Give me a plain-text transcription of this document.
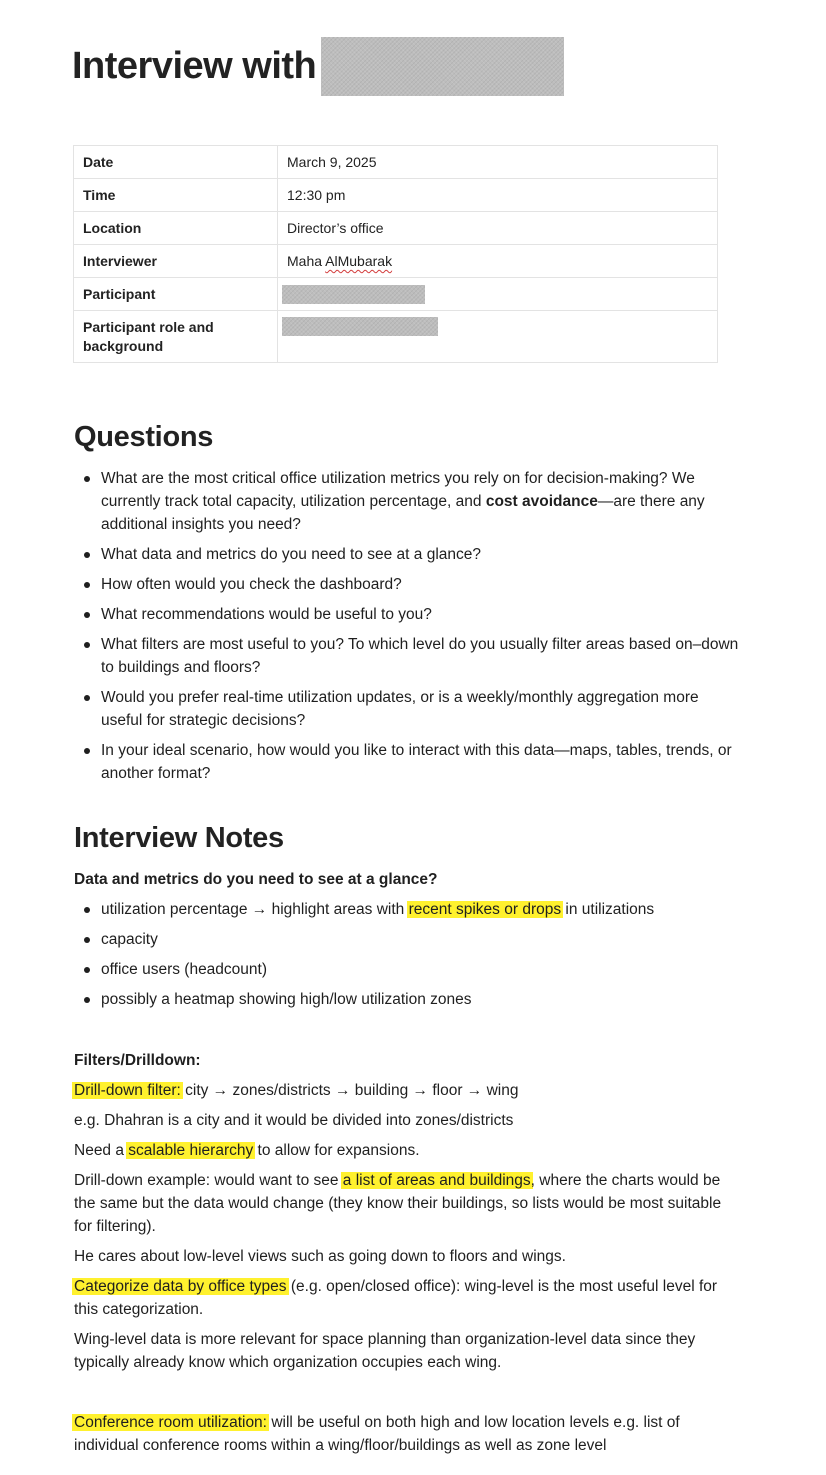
Interview with
Date	March 9, 2025
Time	12:30 pm
Location	Director’s office
Interviewer	Maha AlMubarak
Participant	

Participant role and background	
Questions
What are the most critical office utilization metrics you rely on for decision-making? We currently track total capacity, utilization percentage, and cost avoidance—are there any additional insights you need?
What data and metrics do you need to see at a glance?
How often would you check the dashboard?
What recommendations would be useful to you?
What filters are most useful to you? To which level do you usually filter areas based on–down to buildings and floors?
Would you prefer real-time utilization updates, or is a weekly/monthly aggregation more useful for strategic decisions?
In your ideal scenario, how would you like to interact with this data—maps, tables, trends, or another format?
Interview Notes

Data and metrics do you need to see at a glance?

utilization percentage → highlight areas with recent spikes or drops in utilizations
capacity
office users (headcount)
possibly a heatmap showing high/low utilization zones

Filters/Drilldown:

Drill-down filter: city → zones/districts → building → floor → wing

e.g. Dhahran is a city and it would be divided into zones/districts

Need a scalable hierarchy to allow for expansions.

Drill-down example: would want to see a list of areas and buildings, where the charts would be the same but the data would change (they know their buildings, so lists would be most suitable for filtering).

He cares about low-level views such as going down to floors and wings.

Categorize data by office types (e.g. open/closed office): wing-level is the most useful level for this categorization.

Wing-level data is more relevant for space planning than organization-level data since they typically already know which organization occupies each wing.

Conference room utilization: will be useful on both high and low location levels e.g. list of individual conference rooms within a wing/floor/buildings as well as zone level
